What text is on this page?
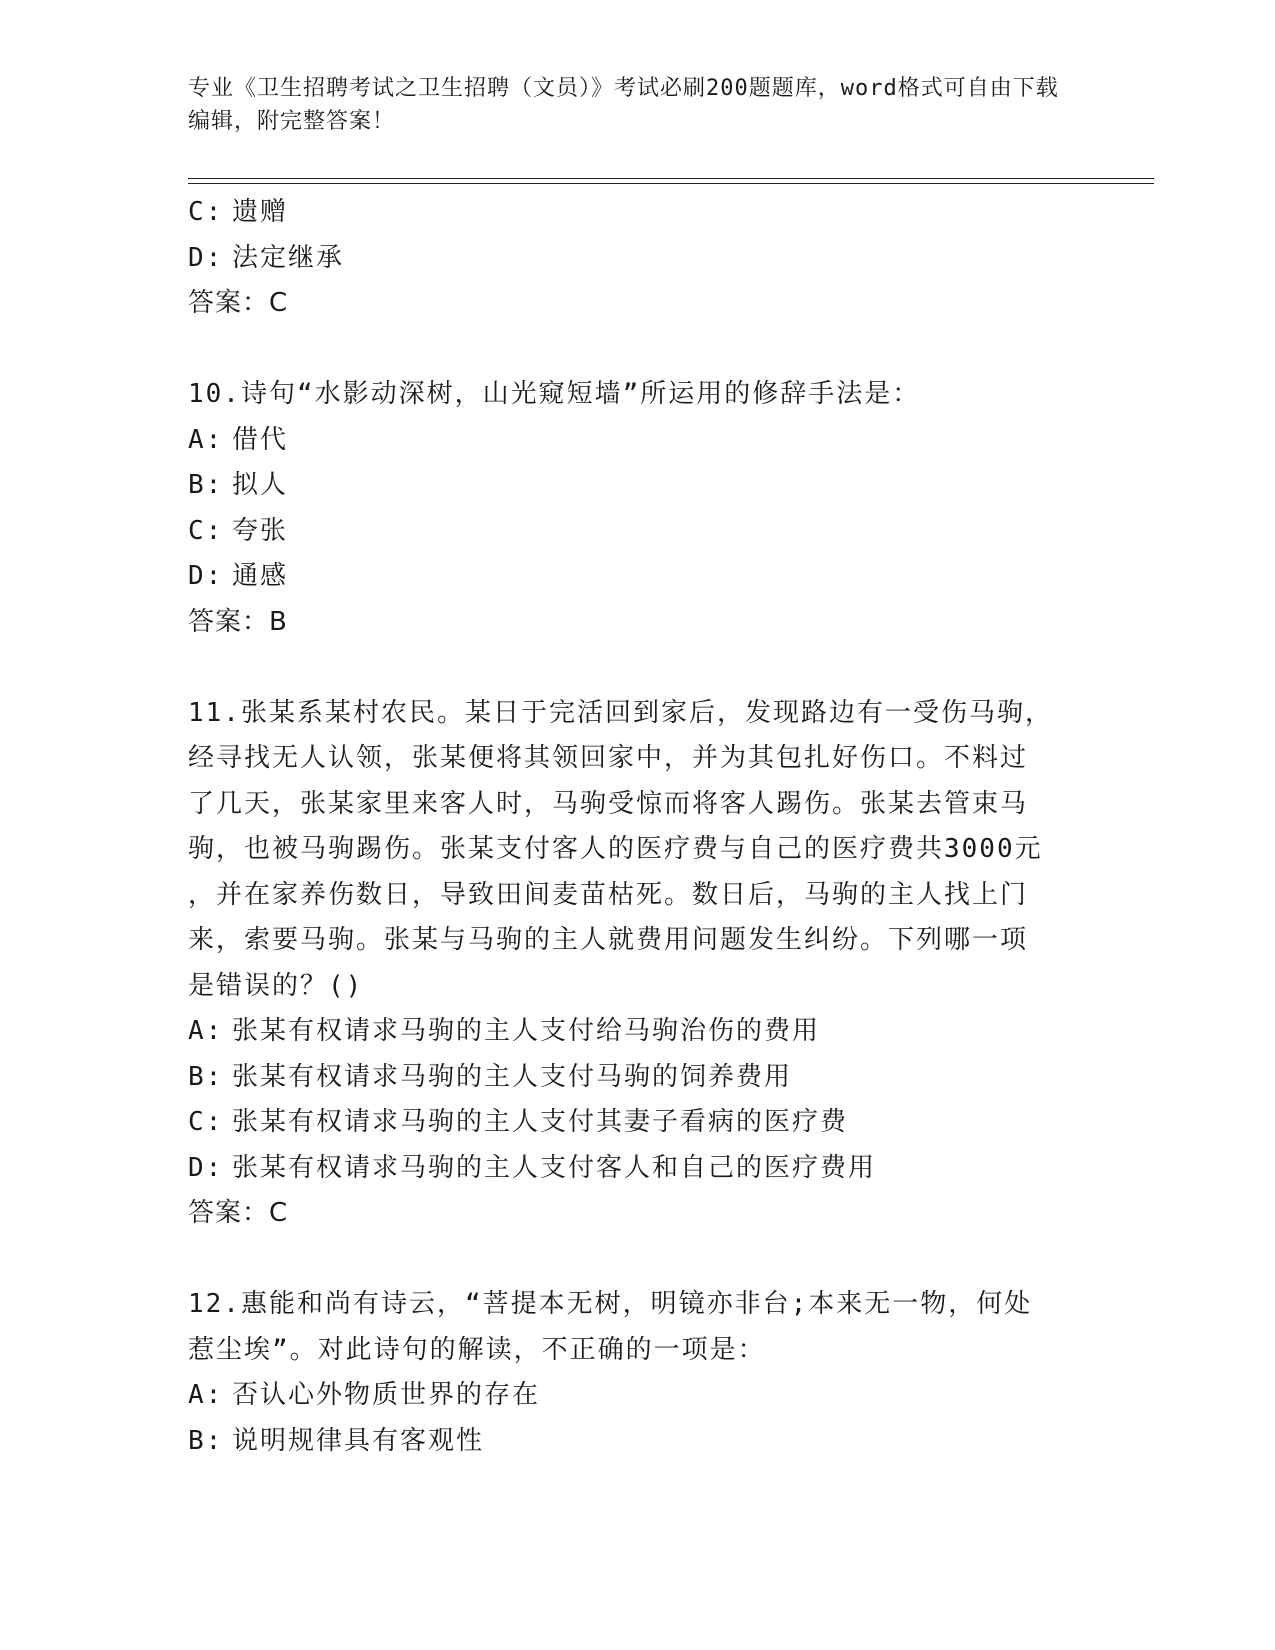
专业《卫生招聘考试之卫生招聘（文员）》考试必刷200题题库，word格式可自由下载编辑，附完整答案！
C: 遗赠
D: 法定继承
答案：C
10.诗句“水影动深树，山光窥短墙”所运用的修辞手法是：
A: 借代
B: 拟人
C: 夸张
D: 通感
答案：B
11.张某系某村农民。某日于完活回到家后，发现路边有一受伤马驹，
经寻找无人认领，张某便将其领回家中，并为其包扎好伤口。不料过
了几天，张某家里来客人时，马驹受惊而将客人踢伤。张某去管束马
驹，也被马驹踢伤。张某支付客人的医疗费与自己的医疗费共3000元
，并在家养伤数日，导致田间麦苗枯死。数日后，马驹的主人找上门
来，索要马驹。张某与马驹的主人就费用问题发生纠纷。下列哪一项
是错误的？()
A: 张某有权请求马驹的主人支付给马驹治伤的费用
B: 张某有权请求马驹的主人支付马驹的饲养费用
C: 张某有权请求马驹的主人支付其妻子看病的医疗费
D: 张某有权请求马驹的主人支付客人和自己的医疗费用
答案：C
12.惠能和尚有诗云，“菩提本无树，明镜亦非台;本来无一物，何处
惹尘埃”。对此诗句的解读，不正确的一项是：
A: 否认心外物质世界的存在
B: 说明规律具有客观性
